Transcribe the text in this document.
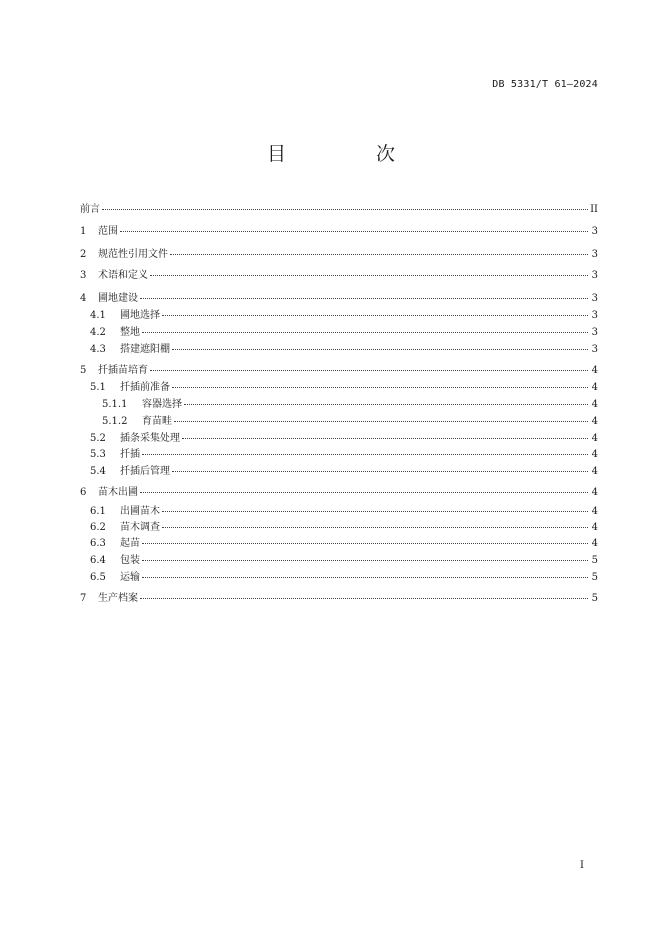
DB 5331/T 61—2024
目 次
前言	II
1	范围	3
2	规范性引用文件	3
3	术语和定义	3
4	圃地建设	3
4.1	圃地选择	3
4.2	整地	3
4.3	搭建遮阳棚	3
5	扦插苗培育	4
5.1	扦插前准备	4
5.1.1	容器选择	4
5.1.2	育苗畦	4
5.2	插条采集处理	4
5.3	扦插	4
5.4	扦插后管理	4
6	苗木出圃	4
6.1	出圃苗木	4
6.2	苗木调查	4
6.3	起苗	4
6.4	包装	5
6.5	运输	5
7	生产档案	5
I
